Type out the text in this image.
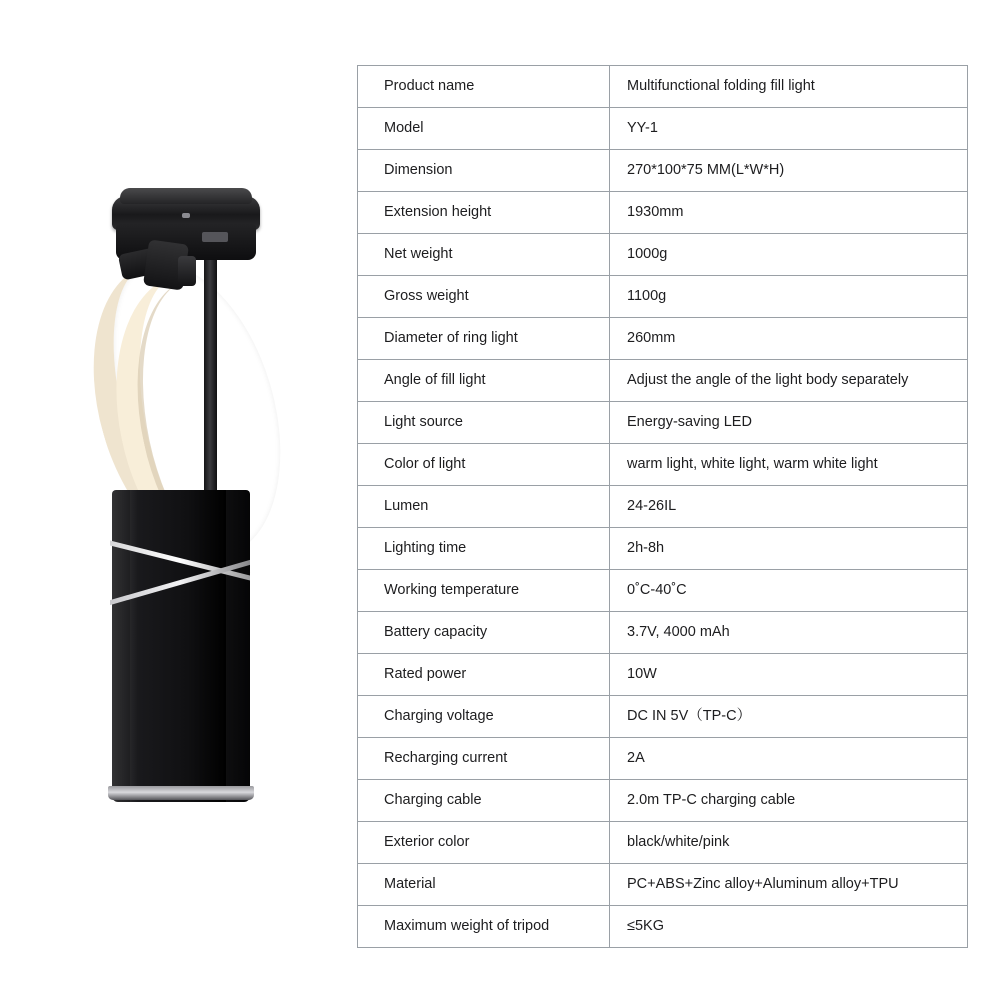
Product name	Multifunctional folding fill light
Model	YY-1
Dimension	270*100*75 MM(L*W*H)
Extension height	1930mm
Net weight	1000g
Gross weight	1100g
Diameter of ring light	260mm
Angle of fill light	Adjust the angle of the light body separately
Light source	Energy-saving LED
Color of light	warm light, white light, warm white light
Lumen	24-26IL
Lighting time	2h-8h
Working temperature	0˚C-40˚C
Battery capacity	3.7V, 4000 mAh
Rated power	10W
Charging voltage	DC IN 5V（TP-C）
Recharging current	2A
Charging cable	2.0m TP-C charging cable
Exterior color	black/white/pink
Material	PC+ABS+Zinc alloy+Aluminum alloy+TPU
Maximum weight of tripod	≤5KG
